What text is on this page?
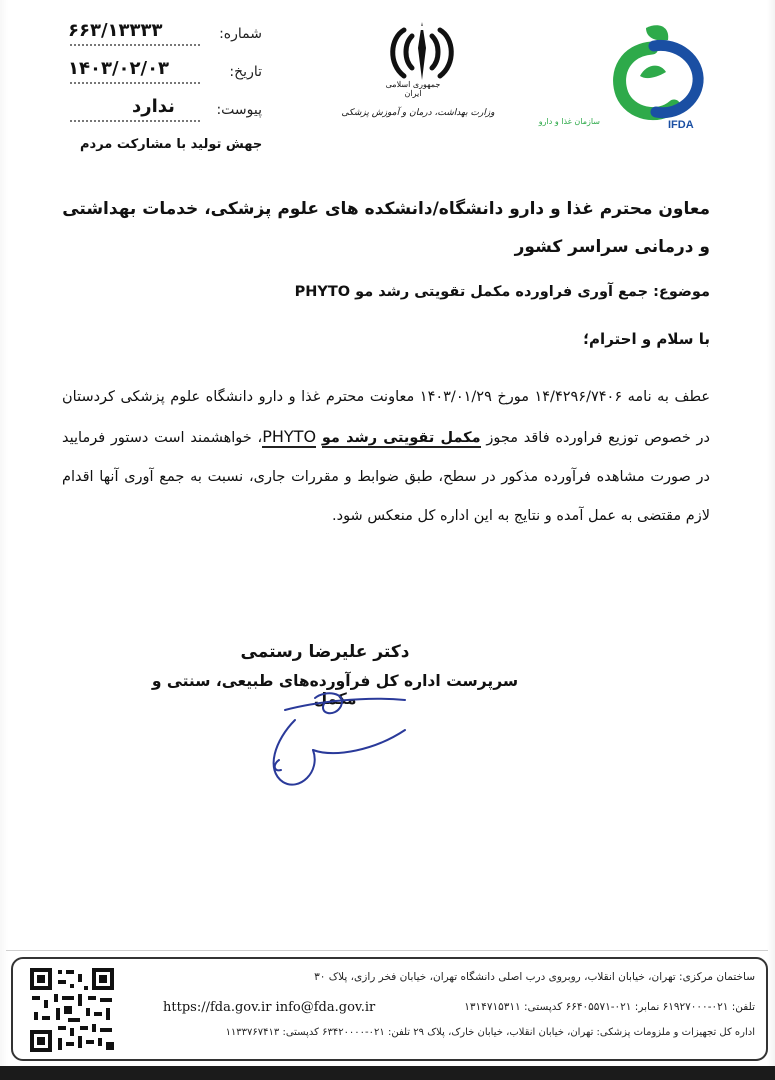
شماره:
۶۶۳/۱۳۳۳۳
تاریخ:
۱۴۰۳/۰۲/۰۳
پیوست:
ندارد
جهش تولید با مشارکت مردم
جمهوری اسلامی ایران
وزارت بهداشت، درمان و آموزش پزشکی
IFDA
سازمان غذا و دارو
معاون محترم غذا و دارو دانشگاه/دانشکده های علوم پزشکی، خدمات بهداشتی و درمانی سراسر کشور
موضوع: جمع آوری فراورده مکمل تقویتی رشد مو PHYTO
با سلام و احترام؛
عطف به نامه ۱۴/۴۲۹۶/۷۴۰۶ مورخ ۱۴۰۳/۰۱/۲۹ معاونت محترم غذا و دارو دانشگاه علوم پزشکی کردستان در خصوص توزیع فراورده فاقد مجوز مکمل تقویتی رشد مو PHYTO، خواهشمند است دستور فرمایید در صورت مشاهده فرآورده مذکور در سطح، طبق ضوابط و مقررات جاری، نسبت به جمع آوری آنها اقدام لازم مقتضی به عمل آمده و نتایج به این اداره کل منعکس شود.
دکتر علیرضا رستمی
سرپرست اداره کل فرآورده‌های طبیعی، سنتی و مکمل
ساختمان مرکزی: تهران، خیابان انقلاب، روبروی درب اصلی دانشگاه تهران، خیابان فخر رازی، پلاک ۳۰
تلفن: ۰۲۱-۶۱۹۲۷۰۰۰ نمابر: ۰۲۱-۶۶۴۰۵۵۷۱ کدپستی: ۱۳۱۴۷۱۵۳۱۱
https://fda.gov.ir info@fda.gov.ir
اداره کل تجهیزات و ملزومات پزشکی: تهران، خیابان انقلاب، خیابان خارک، پلاک ۲۹ تلفن: ۰۲۱-۶۳۴۲۰۰۰۰ کدپستی: ۱۱۳۳۷۶۷۴۱۳
